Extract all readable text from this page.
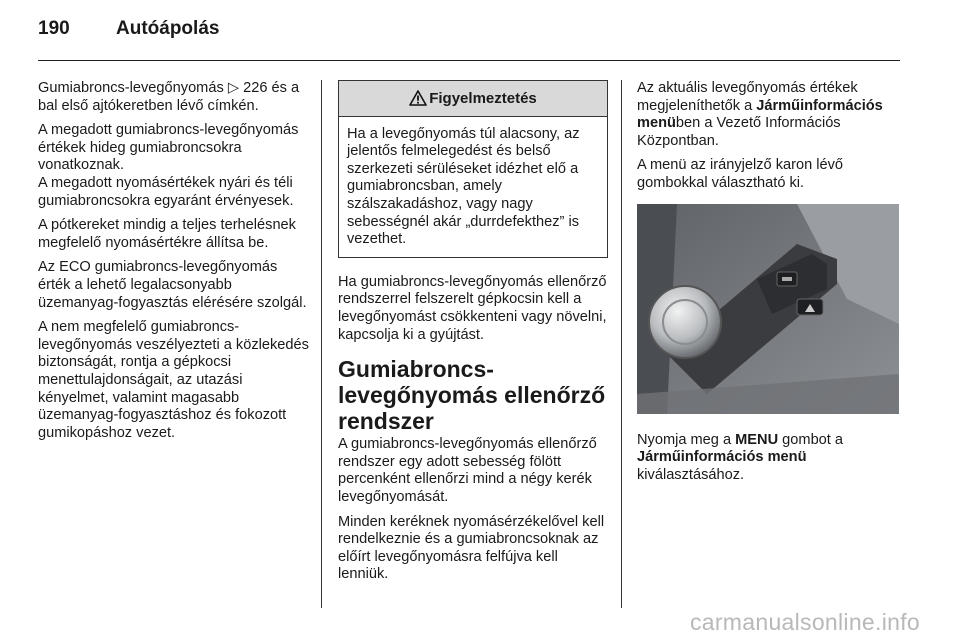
190 Autóápolás

Gumiabroncs-levegőnyomás ▷ 226 és a bal első ajtókeretben lévő címkén.

A megadott gumiabroncs-levegőnyomás értékek hideg gumiabroncsokra vonatkoznak.
A megadott nyomásértékek nyári és téli gumiabroncsokra egyaránt érvényesek.

A pótkereket mindig a teljes terhelésnek megfelelő nyomásértékre állítsa be.

Az ECO gumiabroncs-levegőnyomás érték a lehető legalacsonyabb üzemanyag-fogyasztás elérésére szolgál.

A nem megfelelő gumiabroncs-levegőnyomás veszélyezteti a közlekedés biztonságát, rontja a gépkocsi menettulajdonságait, az utazási kényelmet, valamint magasabb üzemanyag-fogyasztáshoz és fokozott gumikopáshoz vezet.

Figyelmeztetés
Ha a levegőnyomás túl alacsony, az jelentős felmelegedést és belső szerkezeti sérüléseket idézhet elő a gumiabroncsban, amely szálszakadáshoz, vagy nagy sebességnél akár „durrdefekthez” is vezethet.

Ha gumiabroncs-levegőnyomás ellenőrző rendszerrel felszerelt gépkocsin kell a levegőnyomást csökkenteni vagy növelni, kapcsolja ki a gyújtást.

Gumiabroncs-levegőnyomás ellenőrző rendszer

A gumiabroncs-levegőnyomás ellenőrző rendszer egy adott sebesség fölött percenként ellenőrzi mind a négy kerék levegőnyomását.

Minden keréknek nyomásérzékelővel kell rendelkeznie és a gumiabroncsoknak az előírt levegőnyomásra felfújva kell lenniük.

Az aktuális levegőnyomás értékek megjeleníthetők a Járműinformációs menüben a Vezető Információs Központban.

A menü az irányjelző karon lévő gombokkal választható ki.

Nyomja meg a MENU gombot a Járműinformációs menü kiválasztásához.

carmanualsonline.info
